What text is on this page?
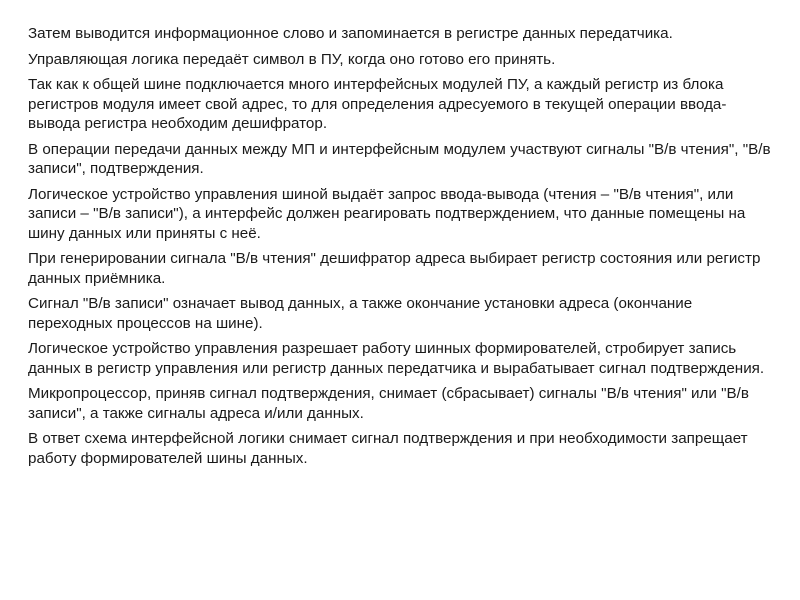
Затем выводится информационное слово и запоминается в регистре данных передатчика.

Управляющая логика передаёт символ в ПУ, когда оно готово его принять.

Так как к общей шине подключается много интерфейсных модулей ПУ, а каждый регистр из блока регистров модуля имеет свой адрес, то для определения адресуемого в текущей операции ввода-вывода регистра необходим дешифратор.

В операции передачи данных между МП и интерфейсным модулем участвуют сигналы "В/в чтения", "В/в записи", подтверждения.

Логическое устройство управления шиной выдаёт запрос ввода-вывода (чтения – "В/в чтения", или записи – "В/в записи"), а интерфейс должен реагировать подтверждением, что данные помещены на шину данных или приняты с неё.

При генерировании сигнала "В/в чтения" дешифратор адреса выбирает регистр состояния или регистр данных приёмника.

Сигнал "В/в записи" означает вывод данных, а также окончание установки адреса (окончание переходных процессов на шине).

Логическое устройство управления разрешает работу шинных формирователей, стробирует запись данных в регистр управления или регистр данных передатчика и вырабатывает сигнал подтверждения.

Микропроцессор, приняв сигнал подтверждения, снимает (сбрасывает) сигналы "В/в чтения" или "В/в записи", а также сигналы адреса и/или данных.

В ответ схема интерфейсной логики снимает сигнал подтверждения и при необходимости запрещает работу формирователей шины данных.
